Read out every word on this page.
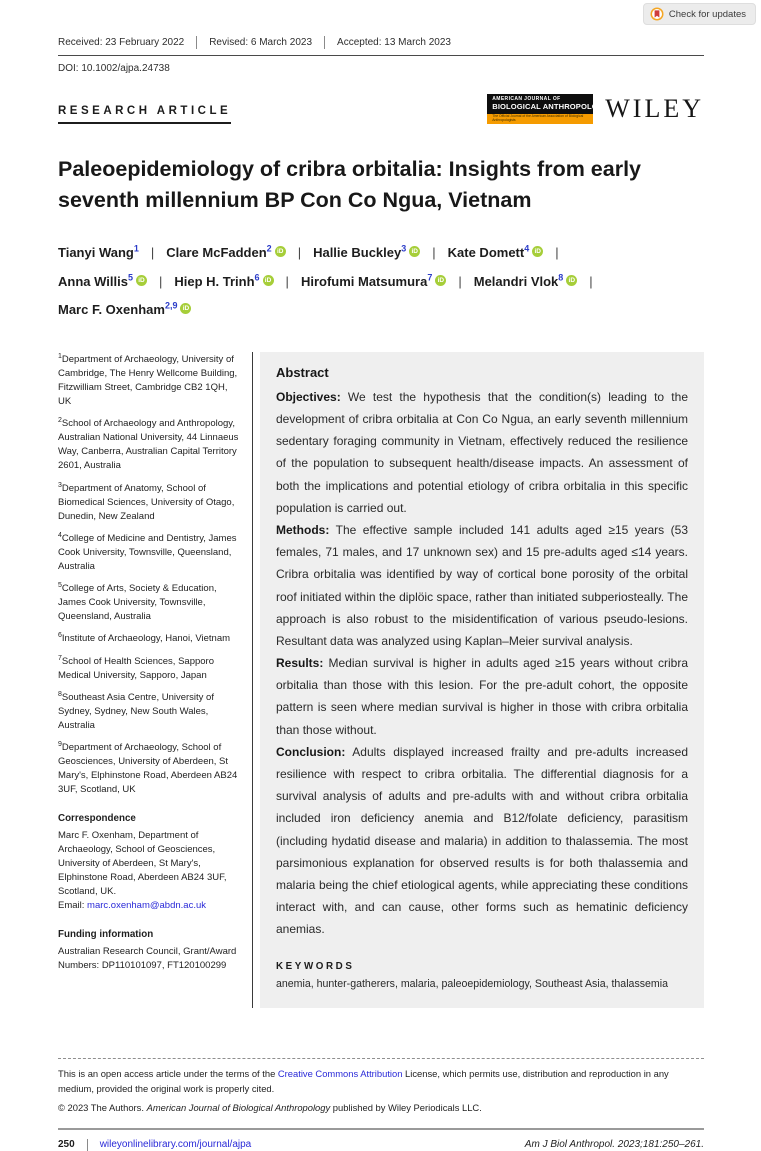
Check for updates
Received: 23 February 2022	Revised: 6 March 2023	Accepted: 13 March 2023
DOI: 10.1002/ajpa.24738
RESEARCH ARTICLE
AMERICAN JOURNAL OF
BIOLOGICAL ANTHROPOLOGY
The Official Journal of the American Association of Biological Anthropologists	WILEY
Paleoepidemiology of cribra orbitalia: Insights from early seventh millennium BP Con Co Ngua, Vietnam
Tianyi Wang$^1$ | Clare McFadden$^2$ iD | Hallie Buckley$^3$ iD | Kate Domett$^4$ iD |
Anna Willis$^5$ iD | Hiep H. Trinh$^6$ iD | Hirofumi Matsumura$^7$ iD | Melandri Vlok$^8$iD |
Marc F. Oxenham$^{2,9}$iD

$^1$Department of Archaeology, University of Cambridge, The Henry Wellcome Building, Fitzwilliam Street, Cambridge CB2 1QH, UK

$^2$School of Archaeology and Anthropology, Australian National University, 44 Linnaeus Way, Canberra, Australian Capital Territory 2601, Australia

$^3$Department of Anatomy, School of Biomedical Sciences, University of Otago, Dunedin, New Zealand

$^4$College of Medicine and Dentistry, James Cook University, Townsville, Queensland, Australia

$^5$College of Arts, Society & Education, James Cook University, Townsville, Queensland, Australia

$^6$Institute of Archaeology, Hanoi, Vietnam

$^7$School of Health Sciences, Sapporo Medical University, Sapporo, Japan

$^8$Southeast Asia Centre, University of Sydney, Sydney, New South Wales, Australia

$^9$Department of Archaeology, School of Geosciences, University of Aberdeen, St Mary's, Elphinstone Road, Aberdeen AB24 3UF, Scotland, UK

Correspondence

Marc F. Oxenham, Department of Archaeology, School of Geosciences, University of Aberdeen, St Mary's, Elphinstone Road, Aberdeen AB24 3UF, Scotland, UK.
Email: marc.oxenham@abdn.ac.uk

Funding information

Australian Research Council, Grant/Award Numbers: DP110101097, FT120100299

Abstract

Objectives: We test the hypothesis that the condition(s) leading to the development of cribra orbitalia at Con Co Ngua, an early seventh millennium sedentary foraging community in Vietnam, effectively reduced the resilience of the population to subsequent health/disease impacts. An assessment of both the implications and potential etiology of cribra orbitalia in this specific population is carried out.

Methods: The effective sample included 141 adults aged ≥15 years (53 females, 71 males, and 17 unknown sex) and 15 pre-adults aged ≤14 years. Cribra orbitalia was identified by way of cortical bone porosity of the orbital roof initiated within the diplöic space, rather than initiated subperiosteally. The approach is also robust to the misidentification of various pseudo-lesions. Resultant data was analyzed using Kaplan–Meier survival analysis.

Results: Median survival is higher in adults aged ≥15 years without cribra orbitalia than those with this lesion. For the pre-adult cohort, the opposite pattern is seen where median survival is higher in those with cribra orbitalia than those without.

Conclusion: Adults displayed increased frailty and pre-adults increased resilience with respect to cribra orbitalia. The differential diagnosis for a survival analysis of adults and pre-adults with and without cribra orbitalia included iron deficiency anemia and B12/folate deficiency, parasitism (including hydatid disease and malaria) in addition to thalassemia. The most parsimonious explanation for observed results is for both thalassemia and malaria being the chief etiological agents, while appreciating these conditions interact with, and can cause, other forms such as hematinic deficiency anemias.

KEYWORDS
anemia, hunter-gatherers, malaria, paleoepidemiology, Southeast Asia, thalassemia
This is an open access article under the terms of the Creative Commons Attribution License, which permits use, distribution and reproduction in any medium, provided the original work is properly cited.
© 2023 The Authors. American Journal of Biological Anthropology published by Wiley Periodicals LLC.
250	wileyonlinelibrary.com/journal/ajpa	Am J Biol Anthropol. 2023;181:250–261.
